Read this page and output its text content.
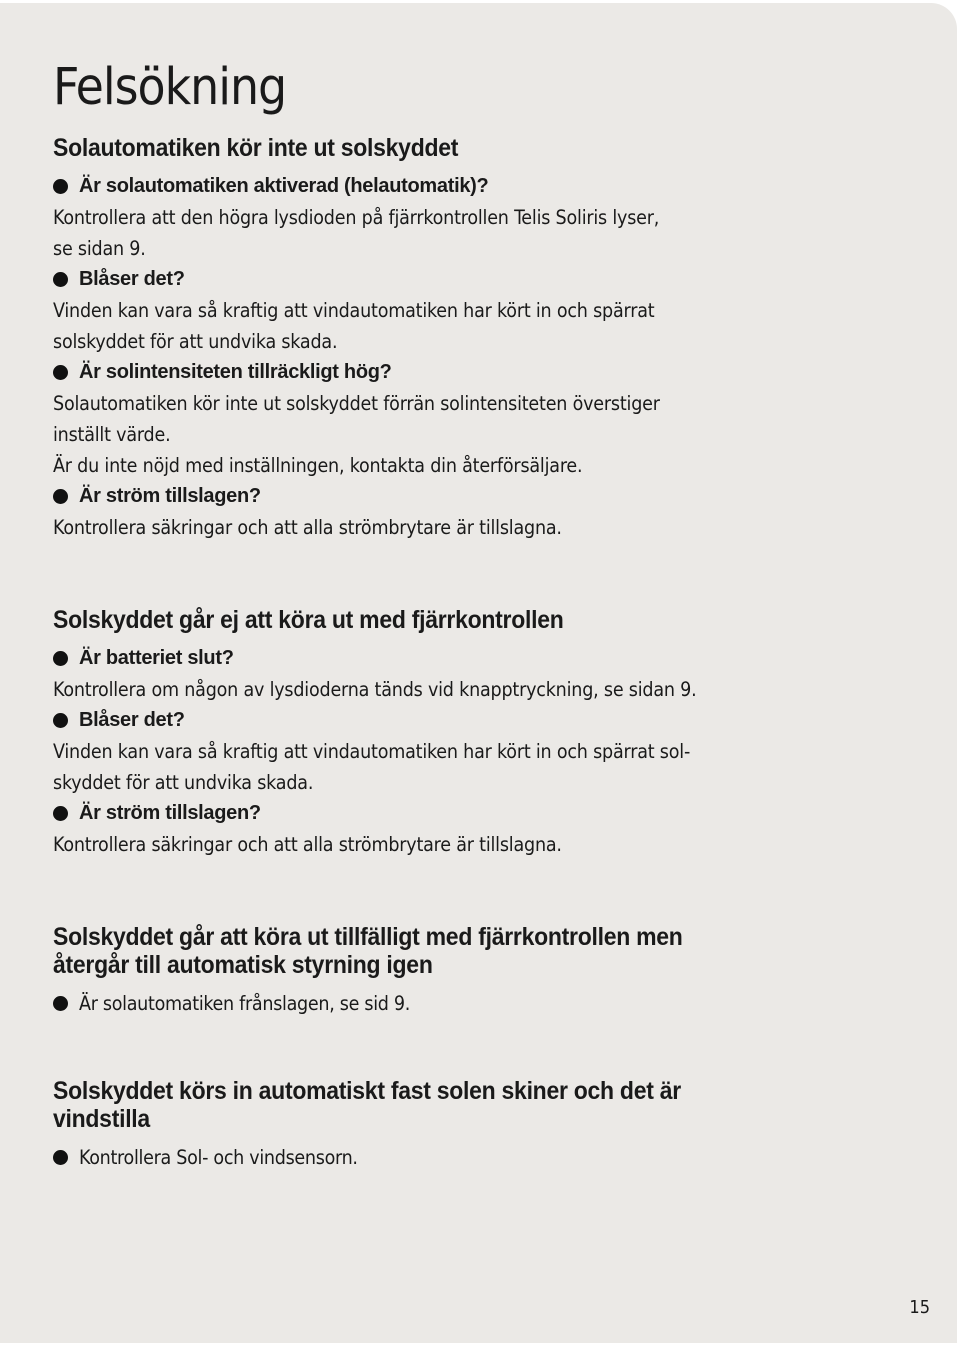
Felsökning
Solautomatiken kör inte ut solskyddet
Är solautomatiken aktiverad (helautomatik)?
Kontrollera att den högra lysdioden på fjärrkontrollen Telis Soliris lyser,
se sidan 9.
Blåser det?
Vinden kan vara så kraftig att vindautomatiken har kört in och spärrat
solskyddet för att undvika skada.
Är solintensiteten tillräckligt hög?
Solautomatiken kör inte ut solskyddet förrän solintensiteten överstiger
inställt värde.
Är du inte nöjd med inställningen, kontakta din återförsäljare.
Är ström tillslagen?
Kontrollera säkringar och att alla strömbrytare är tillslagna.
Solskyddet går ej att köra ut med fjärrkontrollen
Är batteriet slut?
Kontrollera om någon av lysdioderna tänds vid knapptryckning, se sidan 9.
Blåser det?
Vinden kan vara så kraftig att vindautomatiken har kört in och spärrat sol-
skyddet för att undvika skada.
Är ström tillslagen?
Kontrollera säkringar och att alla strömbrytare är tillslagna.
Solskyddet går att köra ut tillfälligt med fjärrkontrollen men återgår till automatisk styrning igen
Är solautomatiken frånslagen, se sid 9.
Solskyddet körs in automatiskt fast solen skiner och det är vindstilla
Kontrollera Sol- och vindsensorn.
15
